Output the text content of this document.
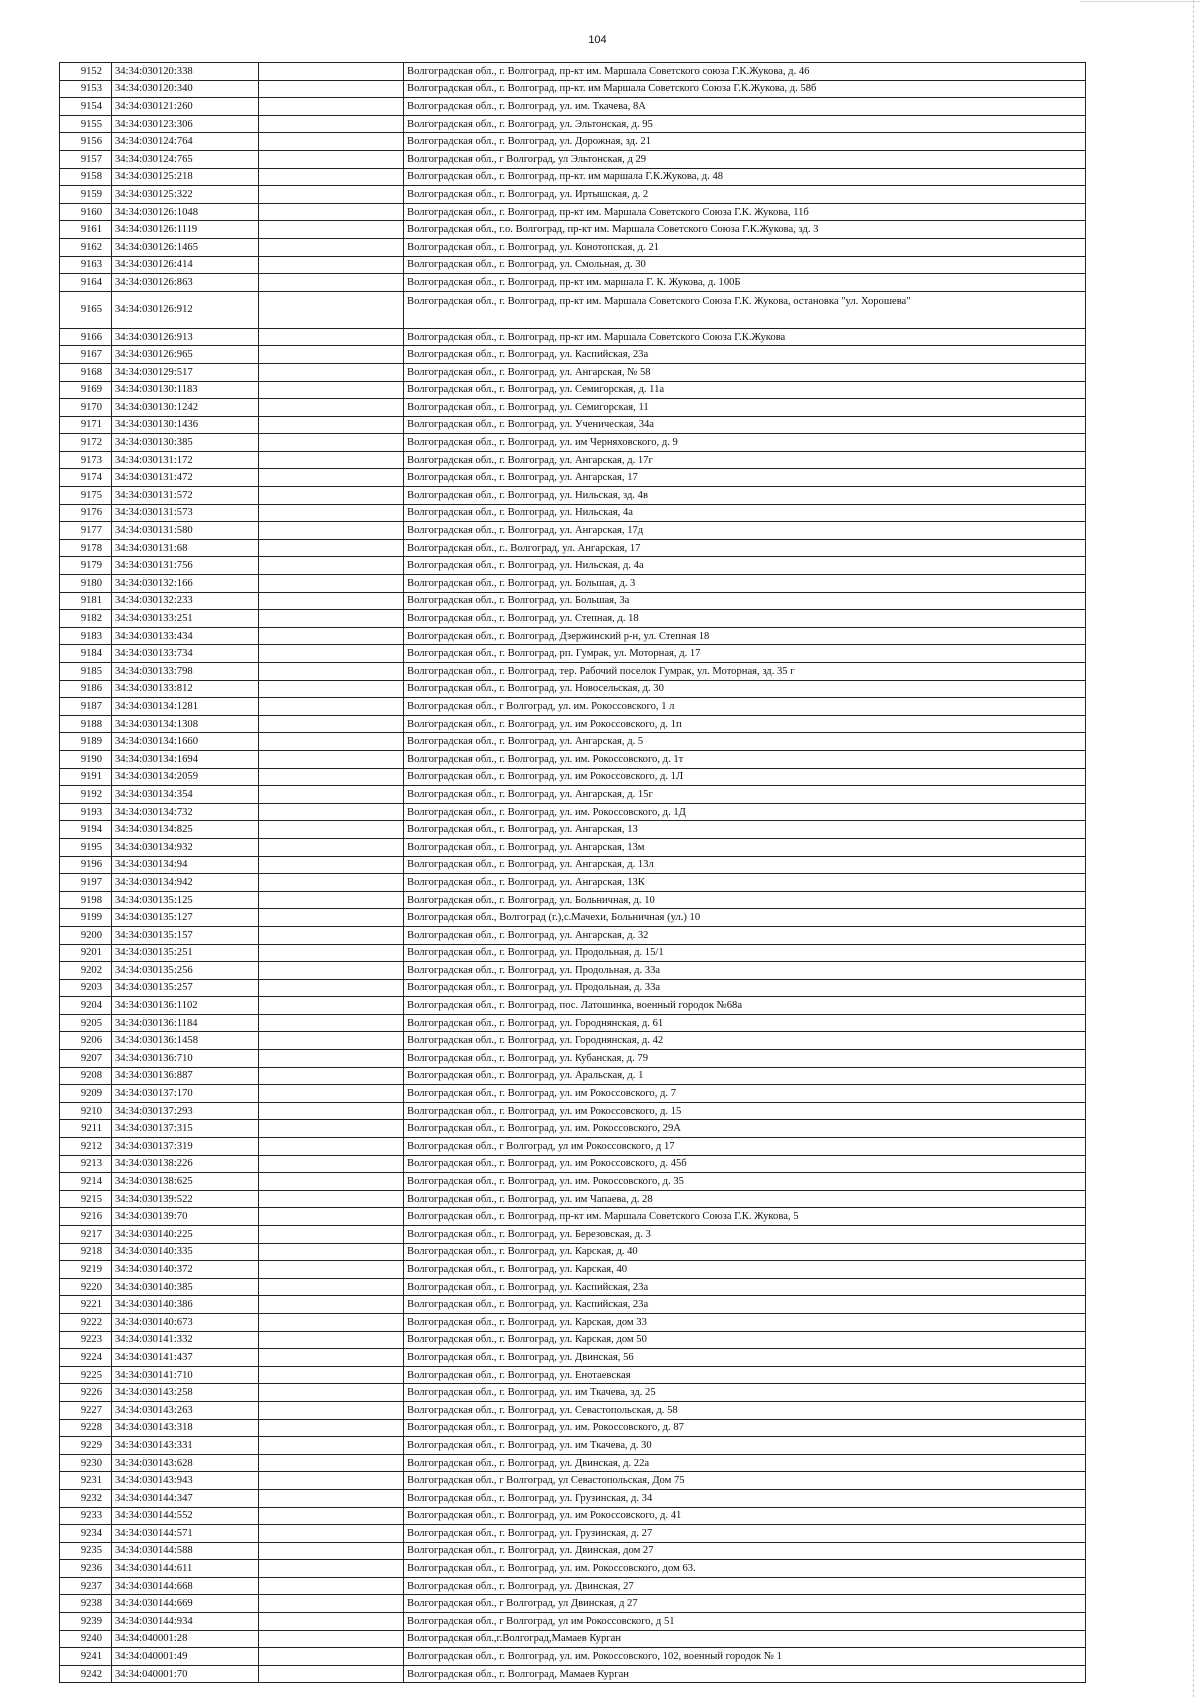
104
9152	34:34:030120:338		Волгоградская обл., г. Волгоград, пр-кт им. Маршала Советского союза Г.К.Жукова, д. 46
9153	34:34:030120:340		Волгоградская обл., г. Волгоград, пр-кт. им Маршала Советского Союза Г.К.Жукова, д. 58б
9154	34:34:030121:260		Волгоградская обл., г. Волгоград, ул. им. Ткачева, 8А
9155	34:34:030123:306		Волгоградская обл., г. Волгоград, ул. Эльтонская, д. 95
9156	34:34:030124:764		Волгоградская обл., г. Волгоград, ул. Дорожная, зд. 21
9157	34:34:030124:765		Волгоградская обл., г Волгоград, ул Эльтонская, д 29
9158	34:34:030125:218		Волгоградская обл., г. Волгоград, пр-кт. им маршала Г.К.Жукова, д. 48
9159	34:34:030125:322		Волгоградская обл., г. Волгоград, ул. Иртышская, д. 2
9160	34:34:030126:1048		Волгоградская обл., г. Волгоград, пр-кт им. Маршала Советского Союза Г.К. Жукова, 11б
9161	34:34:030126:1119		Волгоградская обл., г.о. Волгоград, пр-кт им. Маршала Советского Союза Г.К.Жукова, зд. 3
9162	34:34:030126:1465		Волгоградская обл., г. Волгоград, ул. Конотопская, д. 21
9163	34:34:030126:414		Волгоградская обл., г. Волгоград, ул. Смольная, д. 30
9164	34:34:030126:863		Волгоградская обл., г. Волгоград, пр-кт им. маршала Г. К. Жукова, д. 100Б
9165	34:34:030126:912		Волгоградская обл., г. Волгоград, пр-кт им. Маршала Советского Союза Г.К. Жукова, остановка "ул. Хорошева"
9166	34:34:030126:913		Волгоградская обл., г. Волгоград, пр-кт им. Маршала Советского Союза Г.К.Жукова
9167	34:34:030126:965		Волгоградская обл., г. Волгоград, ул. Каспийская, 23а
9168	34:34:030129:517		Волгоградская обл., г. Волгоград, ул. Ангарская, № 58
9169	34:34:030130:1183		Волгоградская обл., г. Волгоград, ул. Семигорская, д. 11а
9170	34:34:030130:1242		Волгоградская обл., г. Волгоград, ул. Семигорская, 11
9171	34:34:030130:1436		Волгоградская обл., г. Волгоград, ул. Ученическая, 34а
9172	34:34:030130:385		Волгоградская обл., г. Волгоград, ул. им Черняховского, д. 9
9173	34:34:030131:172		Волгоградская обл., г. Волгоград, ул. Ангарская, д. 17г
9174	34:34:030131:472		Волгоградская обл., г. Волгоград, ул. Ангарская, 17
9175	34:34:030131:572		Волгоградская обл., г. Волгоград, ул. Нильская, зд. 4в
9176	34:34:030131:573		Волгоградская обл., г. Волгоград, ул. Нильская, 4а
9177	34:34:030131:580		Волгоградская обл., г. Волгоград, ул. Ангарская, 17д
9178	34:34:030131:68		Волгоградская обл., г.. Волгоград, ул. Ангарская, 17
9179	34:34:030131:756		Волгоградская обл., г. Волгоград, ул. Нильская, д. 4а
9180	34:34:030132:166		Волгоградская обл., г. Волгоград, ул. Большая, д. 3
9181	34:34:030132:233		Волгоградская обл., г. Волгоград, ул. Большая, 3а
9182	34:34:030133:251		Волгоградская обл., г. Волгоград, ул. Степная, д. 18
9183	34:34:030133:434		Волгоградская обл., г. Волгоград, Дзержинский р-н, ул. Степная 18
9184	34:34:030133:734		Волгоградская обл., г. Волгоград, рп. Гумрак, ул. Моторная, д. 17
9185	34:34:030133:798		Волгоградская обл., г. Волгоград, тер. Рабочий поселок Гумрак, ул. Моторная, зд. 35 г
9186	34:34:030133:812		Волгоградская обл., г. Волгоград, ул. Новосельская, д. 30
9187	34:34:030134:1281		Волгоградская обл., г Волгоград, ул. им. Рокоссовского, 1 л
9188	34:34:030134:1308		Волгоградская обл., г. Волгоград, ул. им Рокоссовского, д. 1п
9189	34:34:030134:1660		Волгоградская обл., г. Волгоград, ул. Ангарская, д. 5
9190	34:34:030134:1694		Волгоградская обл., г. Волгоград, ул. им. Рокоссовского, д. 1т
9191	34:34:030134:2059		Волгоградская обл., г. Волгоград, ул. им Рокоссовского, д. 1Л
9192	34:34:030134:354		Волгоградская обл., г. Волгоград, ул. Ангарская, д. 15г
9193	34:34:030134:732		Волгоградская обл., г. Волгоград, ул. им. Рокоссовского, д. 1Д
9194	34:34:030134:825		Волгоградская обл., г. Волгоград, ул. Ангарская, 13
9195	34:34:030134:932		Волгоградская обл., г. Волгоград, ул. Ангарская, 13м
9196	34:34:030134:94		Волгоградская обл., г. Волгоград, ул. Ангарская, д. 13л
9197	34:34:030134:942		Волгоградская обл., г. Волгоград, ул. Ангарская, 13К
9198	34:34:030135:125		Волгоградская обл., г. Волгоград, ул. Больничная, д. 10
9199	34:34:030135:127		Волгоградская обл., Волгоград (г.),с.Мачехи, Больничная (ул.) 10
9200	34:34:030135:157		Волгоградская обл., г. Волгоград, ул. Ангарская, д. 32
9201	34:34:030135:251		Волгоградская обл., г. Волгоград, ул. Продольная, д. 15/1
9202	34:34:030135:256		Волгоградская обл., г. Волгоград, ул. Продольная, д. 33а
9203	34:34:030135:257		Волгоградская обл., г. Волгоград, ул. Продольная, д. 33а
9204	34:34:030136:1102		Волгоградская обл., г. Волгоград, пос. Латошинка, военный городок №68а
9205	34:34:030136:1184		Волгоградская обл., г. Волгоград, ул. Городнянская, д. 61
9206	34:34:030136:1458		Волгоградская обл., г. Волгоград, ул. Городнянская, д. 42
9207	34:34:030136:710		Волгоградская обл., г. Волгоград, ул. Кубанская, д. 79
9208	34:34:030136:887		Волгоградская обл., г. Волгоград, ул. Аральская, д. 1
9209	34:34:030137:170		Волгоградская обл., г. Волгоград, ул. им Рокоссовского, д. 7
9210	34:34:030137:293		Волгоградская обл., г. Волгоград, ул. им Рокоссовского, д. 15
9211	34:34:030137:315		Волгоградская обл., г. Волгоград, ул. им. Рокоссовского, 29А
9212	34:34:030137:319		Волгоградская обл., г Волгоград, ул им Рокоссовского, д 17
9213	34:34:030138:226		Волгоградская обл., г. Волгоград, ул. им Рокоссовского, д. 45б
9214	34:34:030138:625		Волгоградская обл., г. Волгоград, ул. им. Рокоссовского, д. 35
9215	34:34:030139:522		Волгоградская обл., г. Волгоград, ул. им Чапаева, д. 28
9216	34:34:030139:70		Волгоградская обл., г. Волгоград, пр-кт им. Маршала Советского Союза Г.К. Жукова, 5
9217	34:34:030140:225		Волгоградская обл., г. Волгоград, ул. Березовская, д. 3
9218	34:34:030140:335		Волгоградская обл., г. Волгоград, ул. Карская, д. 40
9219	34:34:030140:372		Волгоградская обл., г. Волгоград, ул. Карская, 40
9220	34:34:030140:385		Волгоградская обл., г. Волгоград, ул. Каспийская, 23а
9221	34:34:030140:386		Волгоградская обл., г. Волгоград, ул. Каспийская, 23а
9222	34:34:030140:673		Волгоградская обл., г. Волгоград, ул. Карская, дом 33
9223	34:34:030141:332		Волгоградская обл., г. Волгоград, ул. Карская, дом 50
9224	34:34:030141:437		Волгоградская обл., г. Волгоград, ул. Двинская, 56
9225	34:34:030141:710		Волгоградская обл., г. Волгоград, ул. Енотаевская
9226	34:34:030143:258		Волгоградская обл., г. Волгоград, ул. им Ткачева, зд. 25
9227	34:34:030143:263		Волгоградская обл., г. Волгоград, ул. Севастопольская, д. 58
9228	34:34:030143:318		Волгоградская обл., г. Волгоград, ул. им. Рокоссовского, д. 87
9229	34:34:030143:331		Волгоградская обл., г. Волгоград, ул. им Ткачева, д. 30
9230	34:34:030143:628		Волгоградская обл., г. Волгоград, ул. Двинская, д. 22а
9231	34:34:030143:943		Волгоградская обл., г Волгоград, ул Севастопольская, Дом 75
9232	34:34:030144:347		Волгоградская обл., г. Волгоград, ул. Грузинская, д. 34
9233	34:34:030144:552		Волгоградская обл., г. Волгоград, ул. им Рокоссовского, д. 41
9234	34:34:030144:571		Волгоградская обл., г. Волгоград, ул. Грузинская, д. 27
9235	34:34:030144:588		Волгоградская обл., г. Волгоград, ул. Двинская, дом 27
9236	34:34:030144:611		Волгоградская обл., г. Волгоград, ул. им. Рокоссовского, дом 63.
9237	34:34:030144:668		Волгоградская обл., г. Волгоград, ул. Двинская, 27
9238	34:34:030144:669		Волгоградская обл., г Волгоград, ул Двинская, д 27
9239	34:34:030144:934		Волгоградская обл., г Волгоград, ул им Рокоссовского, д 51
9240	34:34:040001:28		Волгоградская обл.,г.Волгоград,Мамаев Курган
9241	34:34:040001:49		Волгоградская обл., г. Волгоград, ул. им. Рокоссовского, 102, военный городок № 1
9242	34:34:040001:70		Волгоградская обл., г. Волгоград, Мамаев Курган
